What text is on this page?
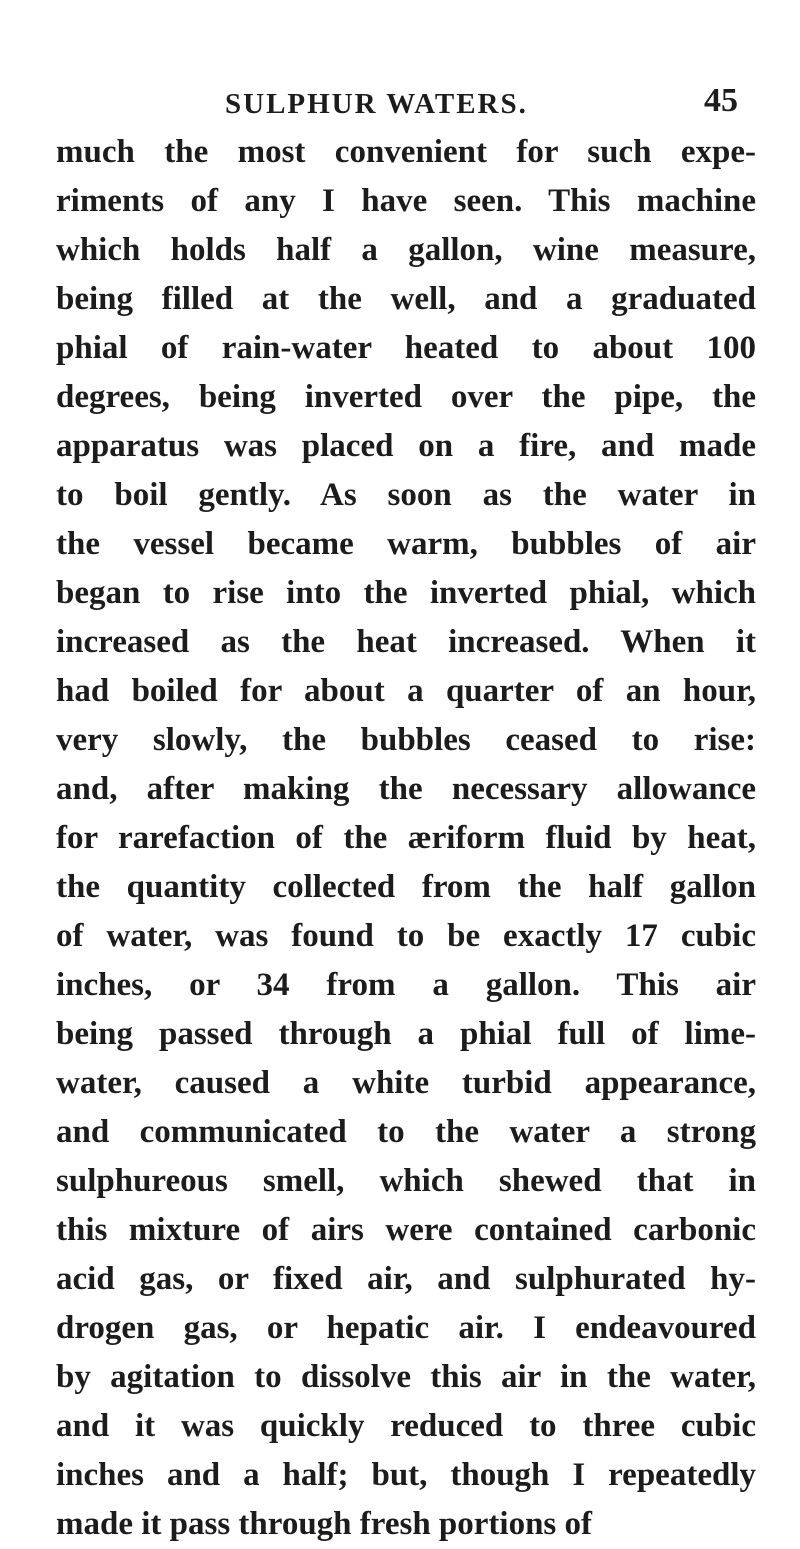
SULPHUR WATERS.	45
much the most convenient for such expe-
riments of any I have seen. This machine
which holds half a gallon, wine measure,
being filled at the well, and a graduated
phial of rain-water heated to about 100
degrees, being inverted over the pipe, the
apparatus was placed on a fire, and made
to boil gently. As soon as the water in
the vessel became warm, bubbles of air
began to rise into the inverted phial, which
increased as the heat increased. When it
had boiled for about a quarter of an hour,
very slowly, the bubbles ceased to rise:
and, after making the necessary allowance
for rarefaction of the æriform fluid by heat,
the quantity collected from the half gallon
of water, was found to be exactly 17 cubic
inches, or 34 from a gallon. This air
being passed through a phial full of lime-
water, caused a white turbid appearance,
and communicated to the water a strong
sulphureous smell, which shewed that in
this mixture of airs were contained carbonic
acid gas, or fixed air, and sulphurated hy-
drogen gas, or hepatic air. I endeavoured
by agitation to dissolve this air in the water,
and it was quickly reduced to three cubic
inches and a half; but, though I repeatedly
made it pass through fresh portions of
